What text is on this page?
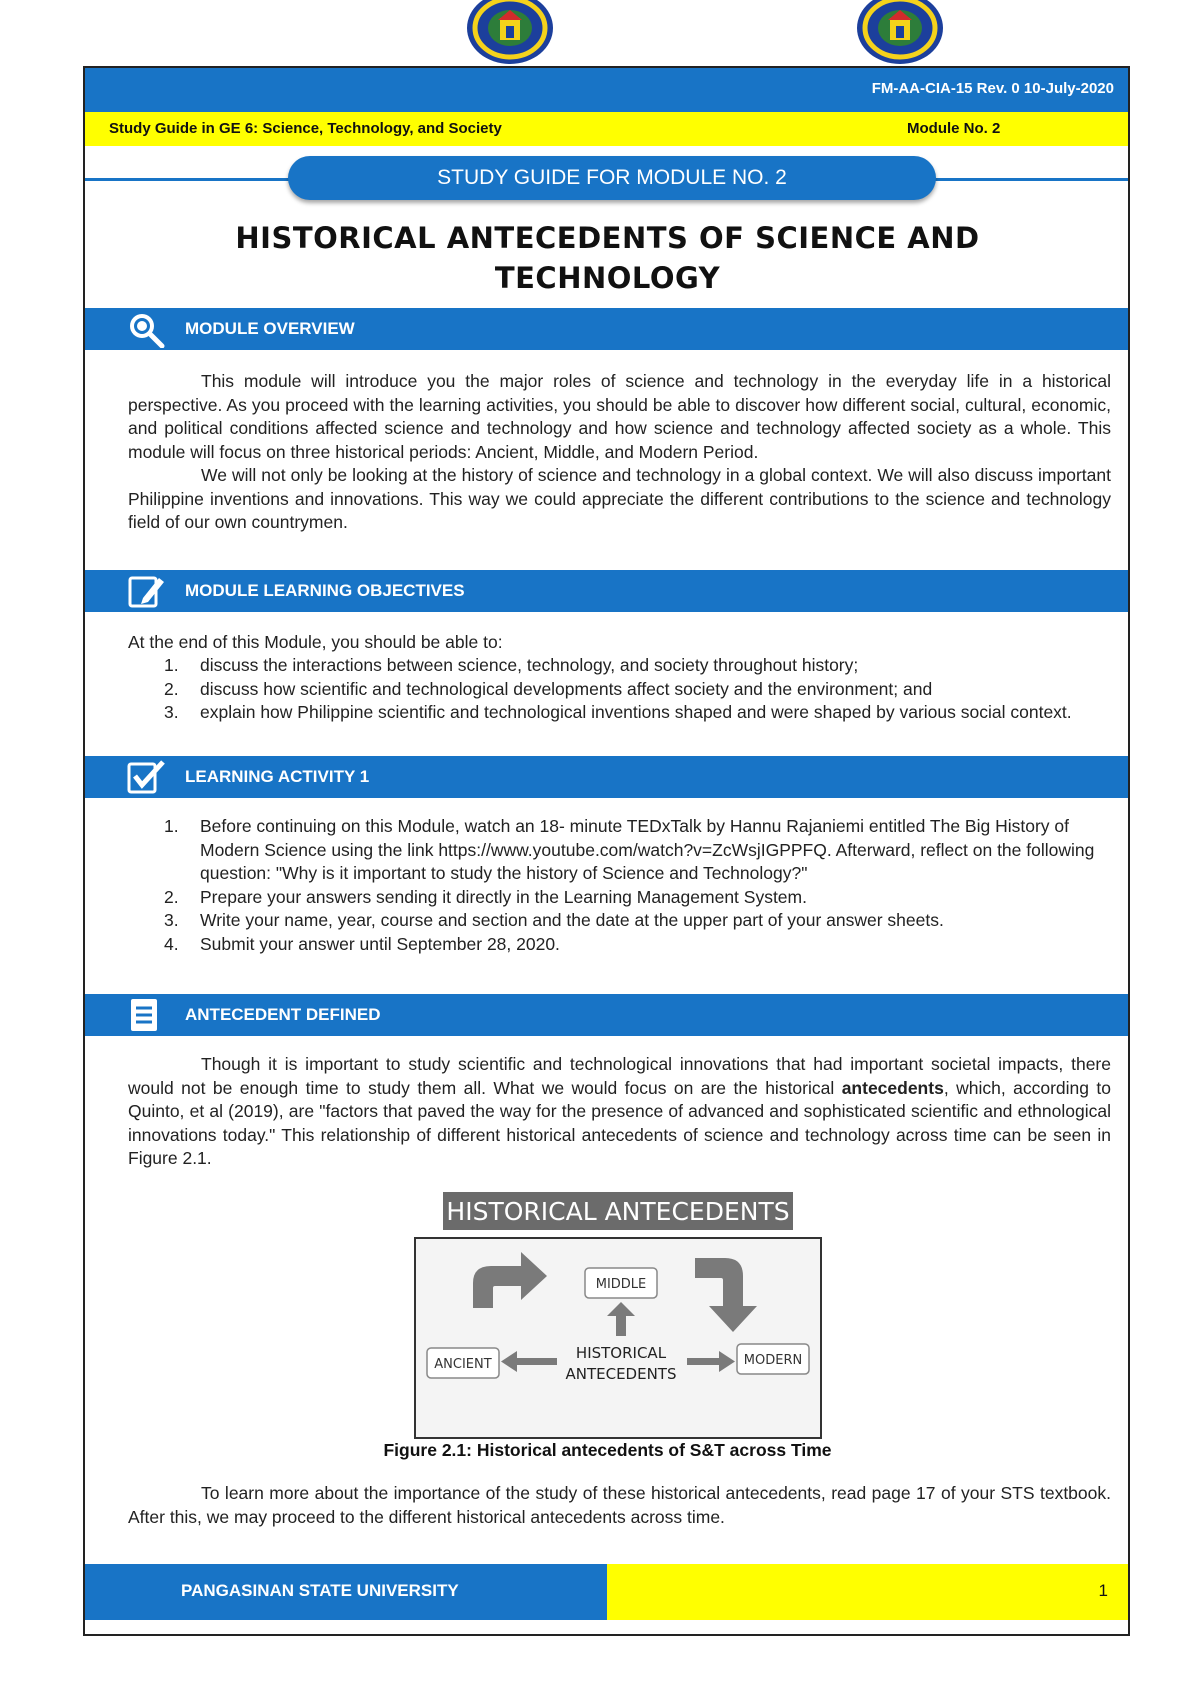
FM-AA-CIA-15 Rev. 0 10-July-2020
Study Guide in GE 6: Science, Technology, and Society	Module No. 2
STUDY GUIDE FOR MODULE NO. 2
HISTORICAL ANTECEDENTS OF SCIENCE AND
TECHNOLOGY
MODULE OVERVIEW

This module will introduce you the major roles of science and technology in the everyday life in a historical perspective. As you proceed with the learning activities, you should be able to discover how different social, cultural, economic, and political conditions affected science and technology and how science and technology affected society as a whole. This module will focus on three historical periods: Ancient, Middle, and Modern Period.

We will not only be looking at the history of science and technology in a global context. We will also discuss important Philippine inventions and innovations. This way we could appreciate the different contributions to the science and technology field of our own countrymen.

MODULE LEARNING OBJECTIVES
At the end of this Module, you should be able to:
1. discuss the interactions between science, technology, and society throughout history;
2. discuss how scientific and technological developments affect society and the environment; and
3. explain how Philippine scientific and technological inventions shaped and were shaped by various social context.
LEARNING ACTIVITY 1
1. Before continuing on this Module, watch an 18- minute TEDxTalk by Hannu Rajaniemi entitled The Big History of Modern Science using the link https://www.youtube.com/watch?v=ZcWsjIGPPFQ. Afterward, reflect on the following question: "Why is it important to study the history of Science and Technology?"
2. Prepare your answers sending it directly in the Learning Management System.
3. Write your name, year, course and section and the date at the upper part of your answer sheets.
4. Submit your answer until September 28, 2020.
ANTECEDENT DEFINED

Though it is important to study scientific and technological innovations that had important societal impacts, there would not be enough time to study them all. What we would focus on are the historical antecedents, which, according to Quinto, et al (2019), are "factors that paved the way for the presence of advanced and sophisticated scientific and ethnological innovations today." This relationship of different historical antecedents of science and technology across time can be seen in Figure 2.1.

HISTORICAL ANTECEDENTS
MIDDLE
ANCIENT	MODERN
HISTORICAL
ANTECEDENTS
Figure 2.1: Historical antecedents of S&T across Time

To learn more about the importance of the study of these historical antecedents, read page 17 of your STS textbook. After this, we may proceed to the different historical antecedents across time.

PANGASINAN STATE UNIVERSITY	1
